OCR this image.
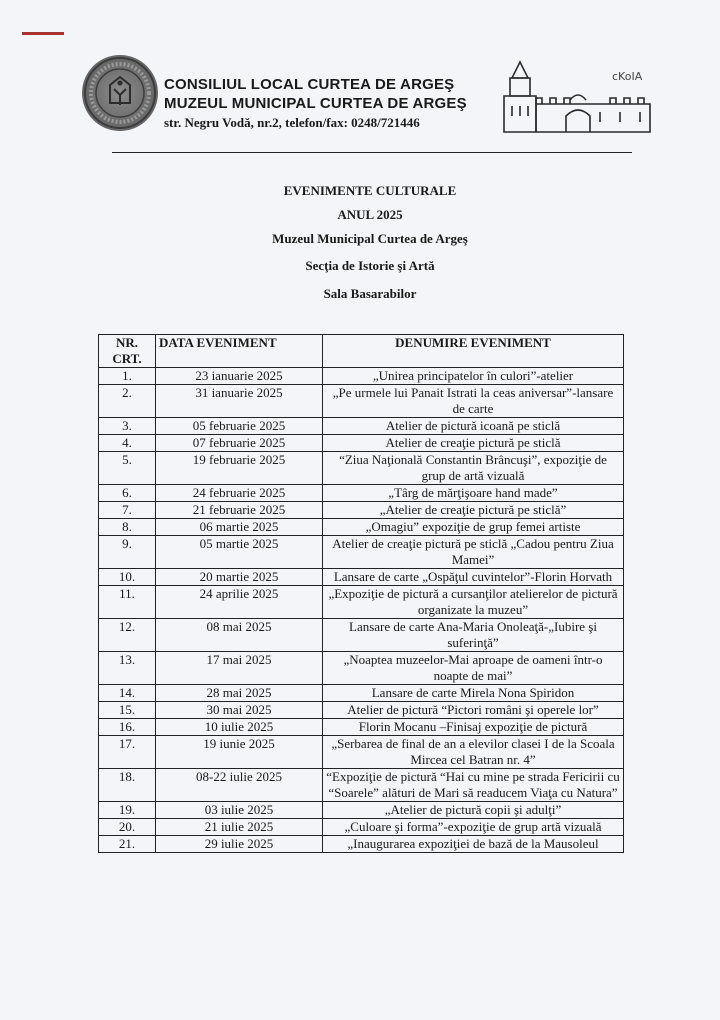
CONSILIUL LOCAL CURTEA DE ARGEŞ
MUZEUL MUNICIPAL CURTEA DE ARGEŞ
str. Negru Vodă, nr.2, telefon/fax: 0248/721446
cKoIA
EVENIMENTE CULTURALE
ANUL 2025
Muzeul Municipal Curtea de Argeş
Secţia de Istorie şi Artă
Sala Basarabilor
NR. CRT.	DATA EVENIMENT	DENUMIRE EVENIMENT
1.	23 ianuarie 2025	„Unirea principatelor în culori”-atelier
2.	31 ianuarie 2025	„Pe urmele lui Panait Istrati la ceas aniversar”-lansare de carte
3.	05 februarie 2025	Atelier de pictură icoană pe sticlă
4.	07 februarie 2025	Atelier de creaţie pictură pe sticlă
5.	19 februarie 2025	“Ziua Naţională Constantin Brâncuşi”, expoziţie de grup de artă vizuală
6.	24 februarie 2025	„Târg de mărţişoare hand made”
7.	21 februarie 2025	„Atelier de creaţie pictură pe sticlă”
8.	06 martie 2025	„Omagiu” expoziţie de grup femei artiste
9.	05 martie 2025	Atelier de creaţie pictură pe sticlă „Cadou pentru Ziua Mamei”
10.	20 martie 2025	Lansare de carte „Ospăţul cuvintelor”-Florin Horvath
11.	24 aprilie 2025	„Expoziţie de pictură a cursanţilor atelierelor de pictură organizate la muzeu”
12.	08 mai 2025	Lansare de carte Ana-Maria Onoleaţă-„Iubire şi suferinţă”
13.	17 mai 2025	„Noaptea muzeelor-Mai aproape de oameni într-o noapte de mai”
14.	28 mai 2025	Lansare de carte Mirela Nona Spiridon
15.	30 mai 2025	Atelier de pictură “Pictori români şi operele lor”
16.	10 iulie 2025	Florin Mocanu –Finisaj expoziţie de pictură
17.	19 iunie 2025	„Serbarea de final de an a elevilor clasei I de la Scoala Mircea cel Batran nr. 4”
18.	08-22 iulie 2025	“Expoziţie de pictură “Hai cu mine pe strada Fericirii cu “Soarele” alături de Mari să readucem Viaţa cu Natura”
19.	03 iulie 2025	„Atelier de pictură copii şi adulţi”
20.	21 iulie 2025	„Culoare şi forma”-expoziţie de grup artă vizuală
21.	29 iulie 2025	„Inaugurarea expoziţiei de bază de la Mausoleul
